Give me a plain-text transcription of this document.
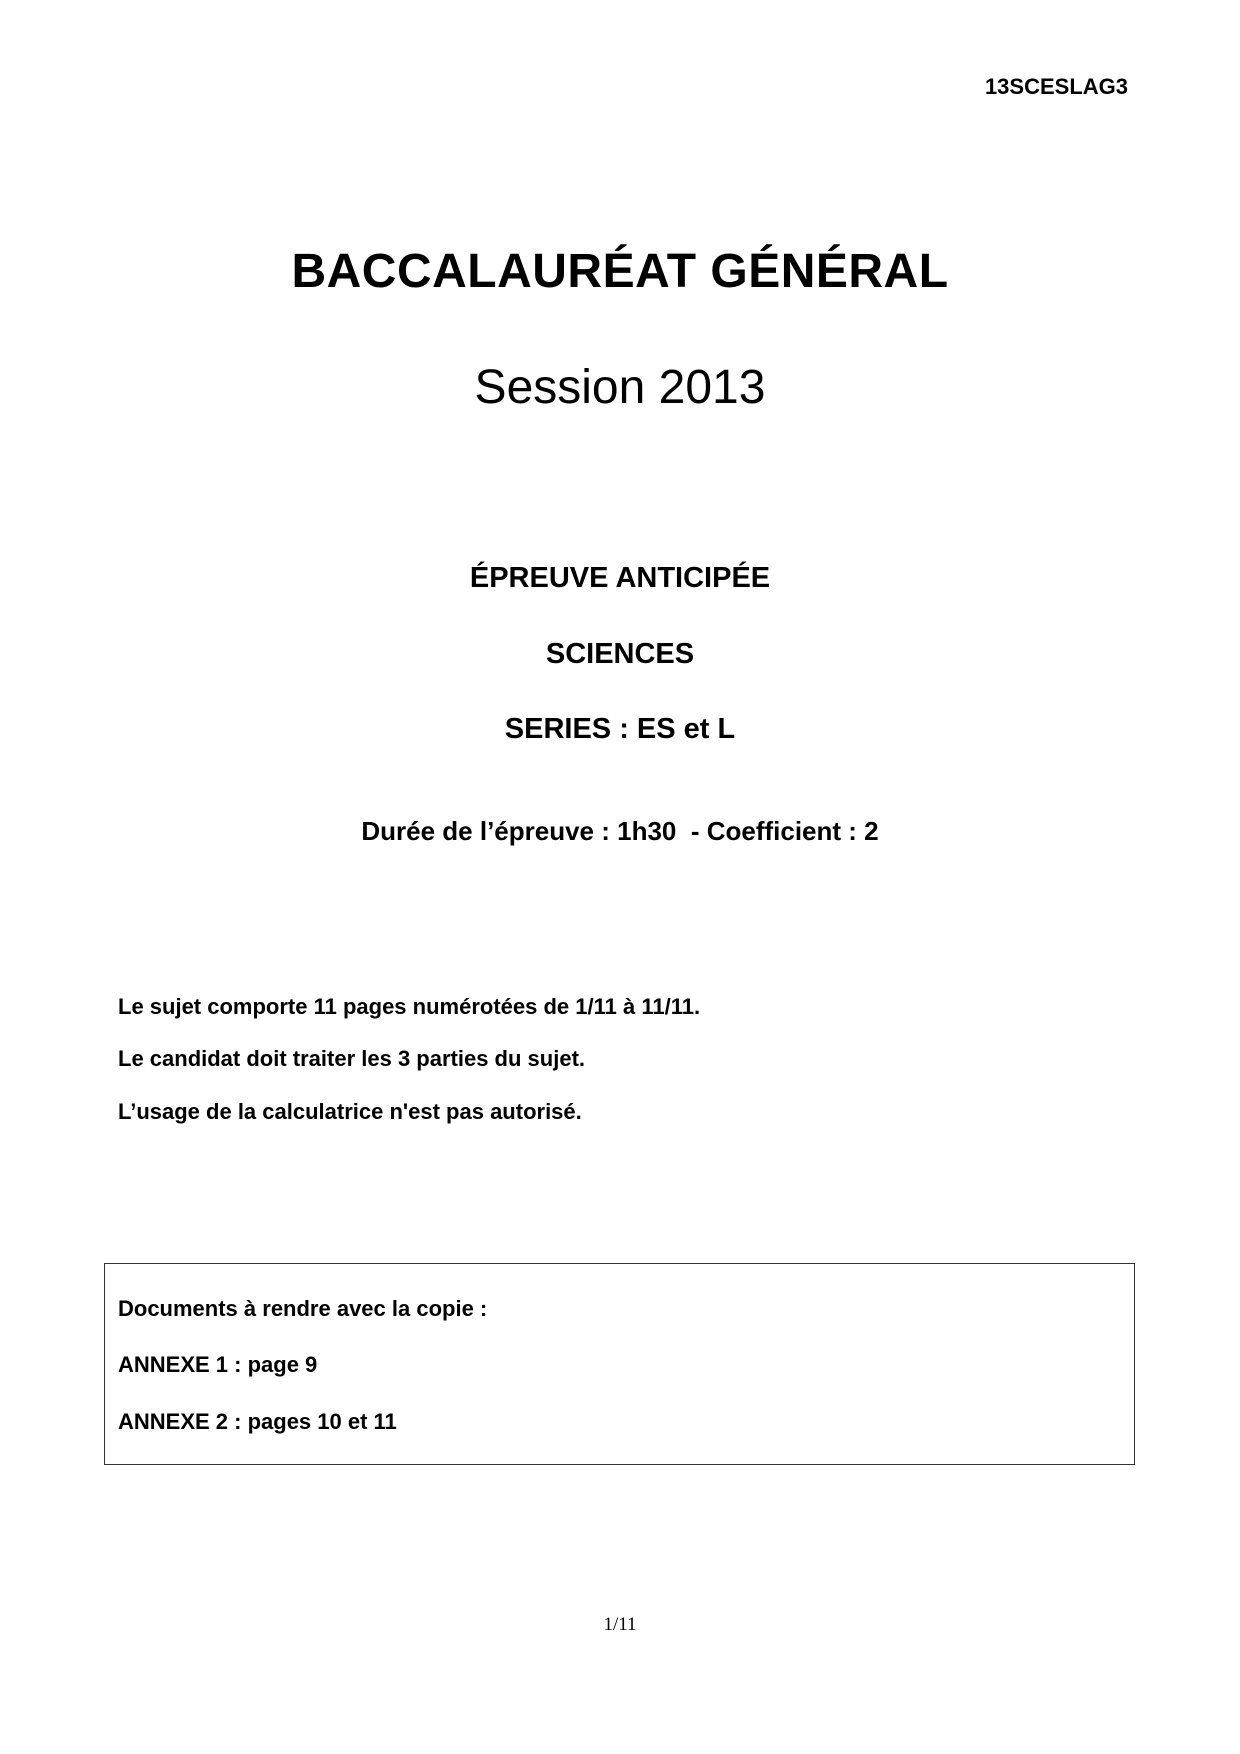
13SCESLAG3
BACCALAURÉAT GÉNÉRAL
Session 2013
ÉPREUVE ANTICIPÉE
SCIENCES
SERIES : ES et L
Durée de l’épreuve : 1h30  - Coefficient : 2
Le sujet comporte 11 pages numérotées de 1/11 à 11/11.
Le candidat doit traiter les 3 parties du sujet.
L’usage de la calculatrice n'est pas autorisé.
Documents à rendre avec la copie :
ANNEXE 1 : page 9
ANNEXE 2 : pages 10 et 11
1/11
